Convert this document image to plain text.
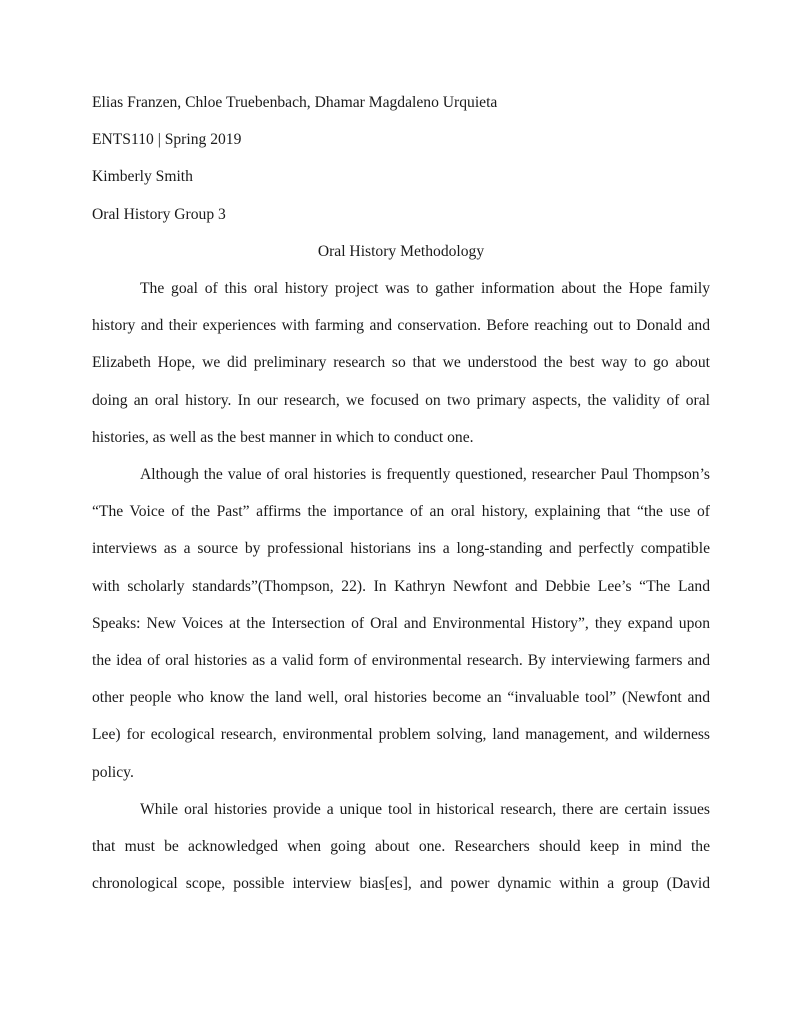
Elias Franzen, Chloe Truebenbach, Dhamar Magdaleno Urquieta

ENTS110 | Spring 2019

Kimberly Smith

Oral History Group 3

Oral History Methodology

The goal of this oral history project was to gather information about the Hope family
history and their experiences with farming and conservation. Before reaching out to Donald and
Elizabeth Hope, we did preliminary research so that we understood the best way to go about
doing an oral history. In our research, we focused on two primary aspects, the validity of oral
histories, as well as the best manner in which to conduct one.
Although the value of oral histories is frequently questioned, researcher Paul Thompson’s
“The Voice of the Past” affirms the importance of an oral history, explaining that “the use of
interviews as a source by professional historians ins a long-standing and perfectly compatible
with scholarly standards”(Thompson, 22). In Kathryn Newfont and Debbie Lee’s “The Land
Speaks: New Voices at the Intersection of Oral and Environmental History”, they expand upon
the idea of oral histories as a valid form of environmental research. By interviewing farmers and
other people who know the land well, oral histories become an “invaluable tool” (Newfont and
Lee) for ecological research, environmental problem solving, land management, and wilderness
policy.
While oral histories provide a unique tool in historical research, there are certain issues
that must be acknowledged when going about one. Researchers should keep in mind the
chronological scope, possible interview bias[es], and power dynamic within a group (David
